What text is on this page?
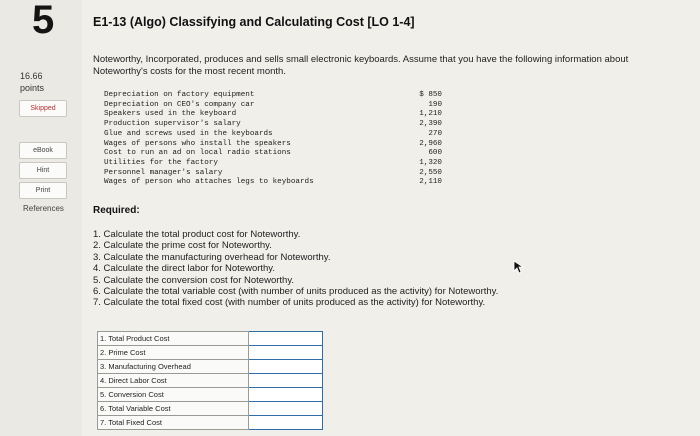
5
16.66
points
Skipped
eBook
Hint
Print
References
E1-13 (Algo) Classifying and Calculating Cost [LO 1-4]
Noteworthy, Incorporated, produces and sells small electronic keyboards. Assume that you have the following information about
Noteworthy's costs for the most recent month.
Depreciation on factory equipment	$ 850
Depreciation on CEO's company car	190
Speakers used in the keyboard	1,210
Production supervisor's salary	2,390
Glue and screws used in the keyboards	270
Wages of persons who install the speakers	2,960
Cost to run an ad on local radio stations	600
Utilities for the factory	1,320
Personnel manager's salary	2,550
Wages of person who attaches legs to keyboards	2,110
Required:
1. Calculate the total product cost for Noteworthy.
2. Calculate the prime cost for Noteworthy.
3. Calculate the manufacturing overhead for Noteworthy.
4. Calculate the direct labor for Noteworthy.
5. Calculate the conversion cost for Noteworthy.
6. Calculate the total variable cost (with number of units produced as the activity) for Noteworthy.
7. Calculate the total fixed cost (with number of units produced as the activity) for Noteworthy.
1. Total Product Cost	
2. Prime Cost	
3. Manufacturing Overhead	
4. Direct Labor Cost	
5. Conversion Cost	
6. Total Variable Cost	
7. Total Fixed Cost	
